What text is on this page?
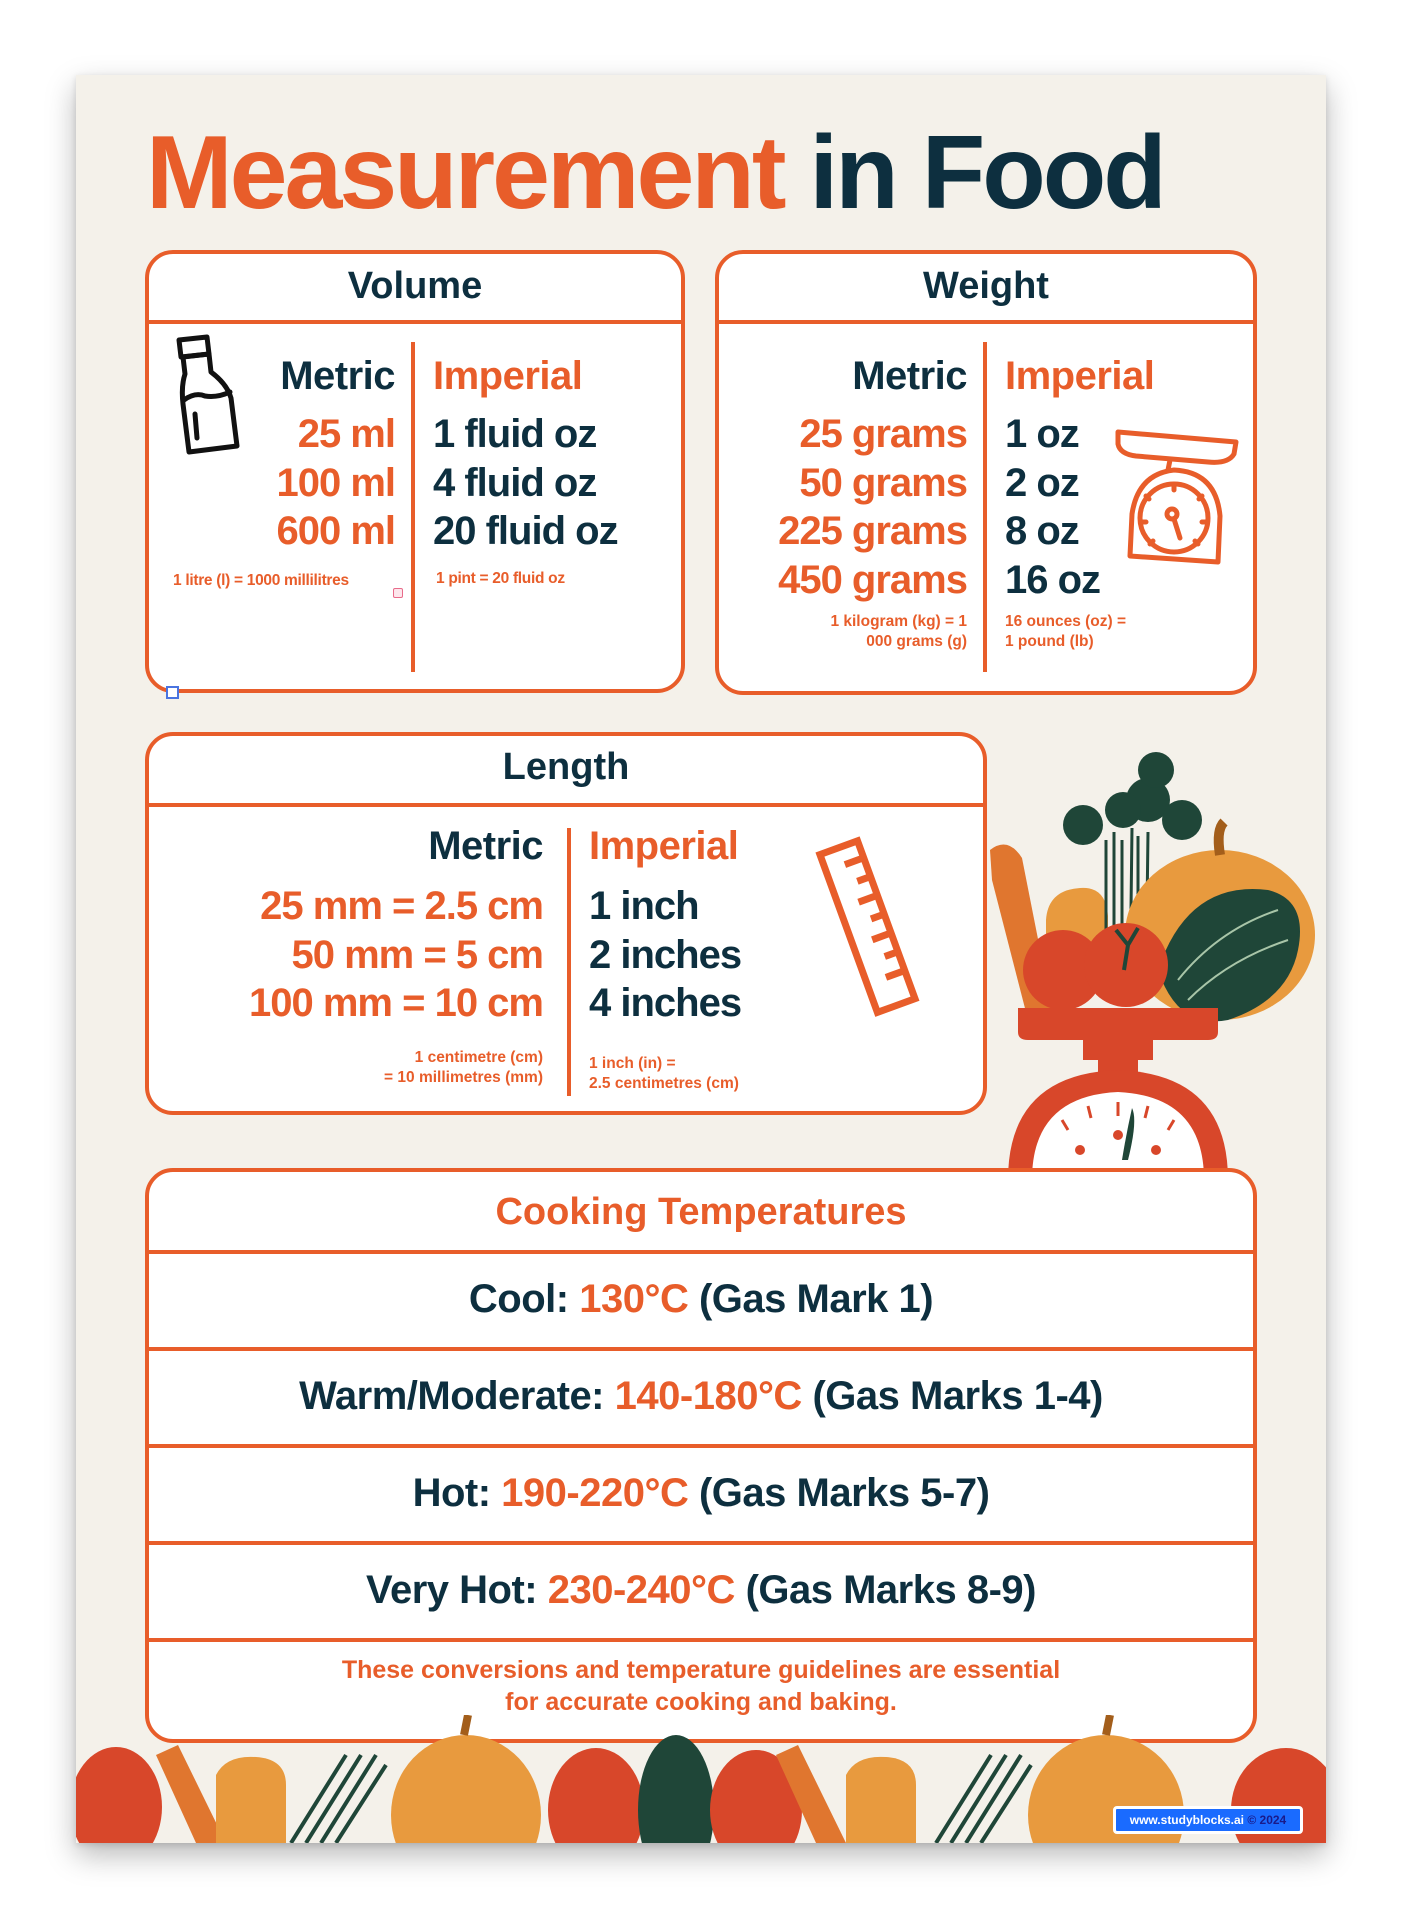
Measurement in Food
Volume
Metric
25 ml
100 ml
600 ml
1 litre (l) = 1000 millilitres
Imperial
1 fluid oz
4 fluid oz
20 fluid oz
1 pint = 20 fluid oz
Weight
Metric
25 grams
50 grams
225 grams
450 grams
1 kilogram (kg) = 1
000 grams (g)
Imperial
1 oz
2 oz
8 oz
16 oz
16 ounces (oz) =
1 pound (lb)
Length
Metric
25 mm = 2.5 cm
50 mm = 5 cm
100 mm = 10 cm
1 centimetre (cm)
= 10 millimetres (mm)
Imperial
1 inch
2 inches
4 inches
1 inch (in) =
2.5 centimetres (cm)
Cooking Temperatures
Cool: 130°C (Gas Mark 1)
Warm/Moderate: 140-180°C (Gas Marks 1-4)
Hot: 190-220°C (Gas Marks 5-7)
Very Hot: 230-240°C (Gas Marks 8-9)
These conversions and temperature guidelines are essential
for accurate cooking and baking.
www.studyblocks.ai © 2024
